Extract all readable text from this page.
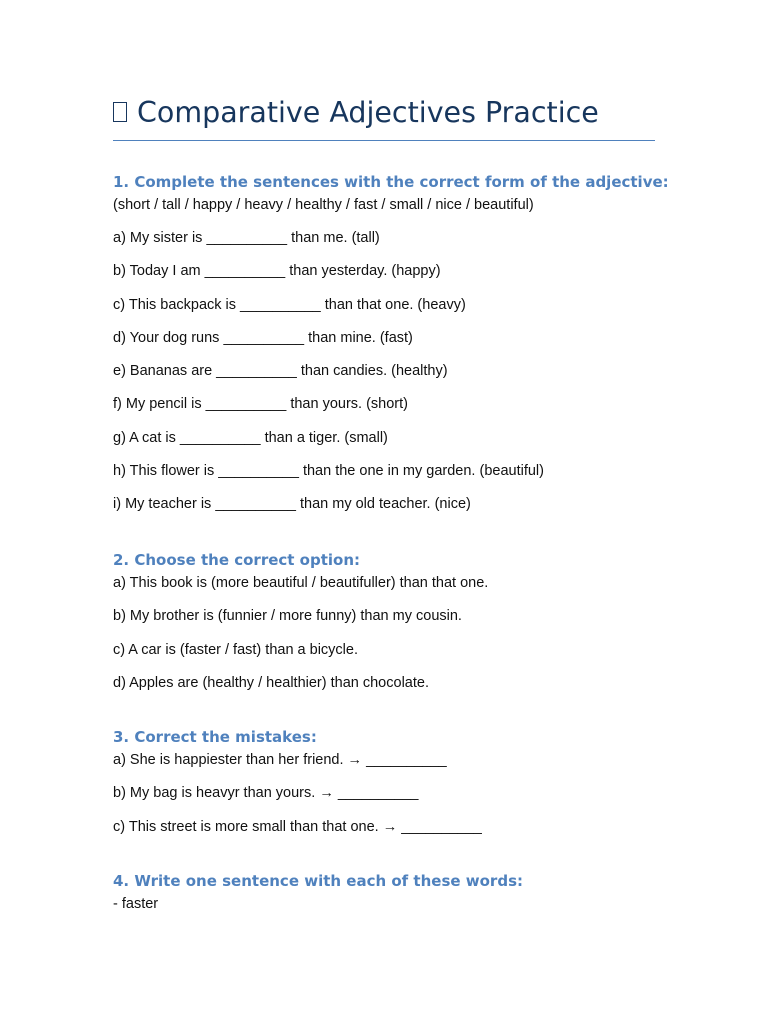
Comparative Adjectives Practice

1. Complete the sentences with the correct form of the adjective:

(short / tall / happy / heavy / healthy / fast / small / nice / beautiful)

a) My sister is __________ than me. (tall)

b) Today I am __________ than yesterday. (happy)

c) This backpack is __________ than that one. (heavy)

d) Your dog runs __________ than mine. (fast)

e) Bananas are __________ than candies. (healthy)

f) My pencil is __________ than yours. (short)

g) A cat is __________ than a tiger. (small)

h) This flower is __________ than the one in my garden. (beautiful)

i) My teacher is __________ than my old teacher. (nice)

2. Choose the correct option:

a) This book is (more beautiful / beautifuller) than that one.

b) My brother is (funnier / more funny) than my cousin.

c) A car is (faster / fast) than a bicycle.

d) Apples are (healthy / healthier) than chocolate.

3. Correct the mistakes:

a) She is happiester than her friend. → __________

b) My bag is heavyr than yours. → __________

c) This street is more small than that one. → __________

4. Write one sentence with each of these words:

- faster
